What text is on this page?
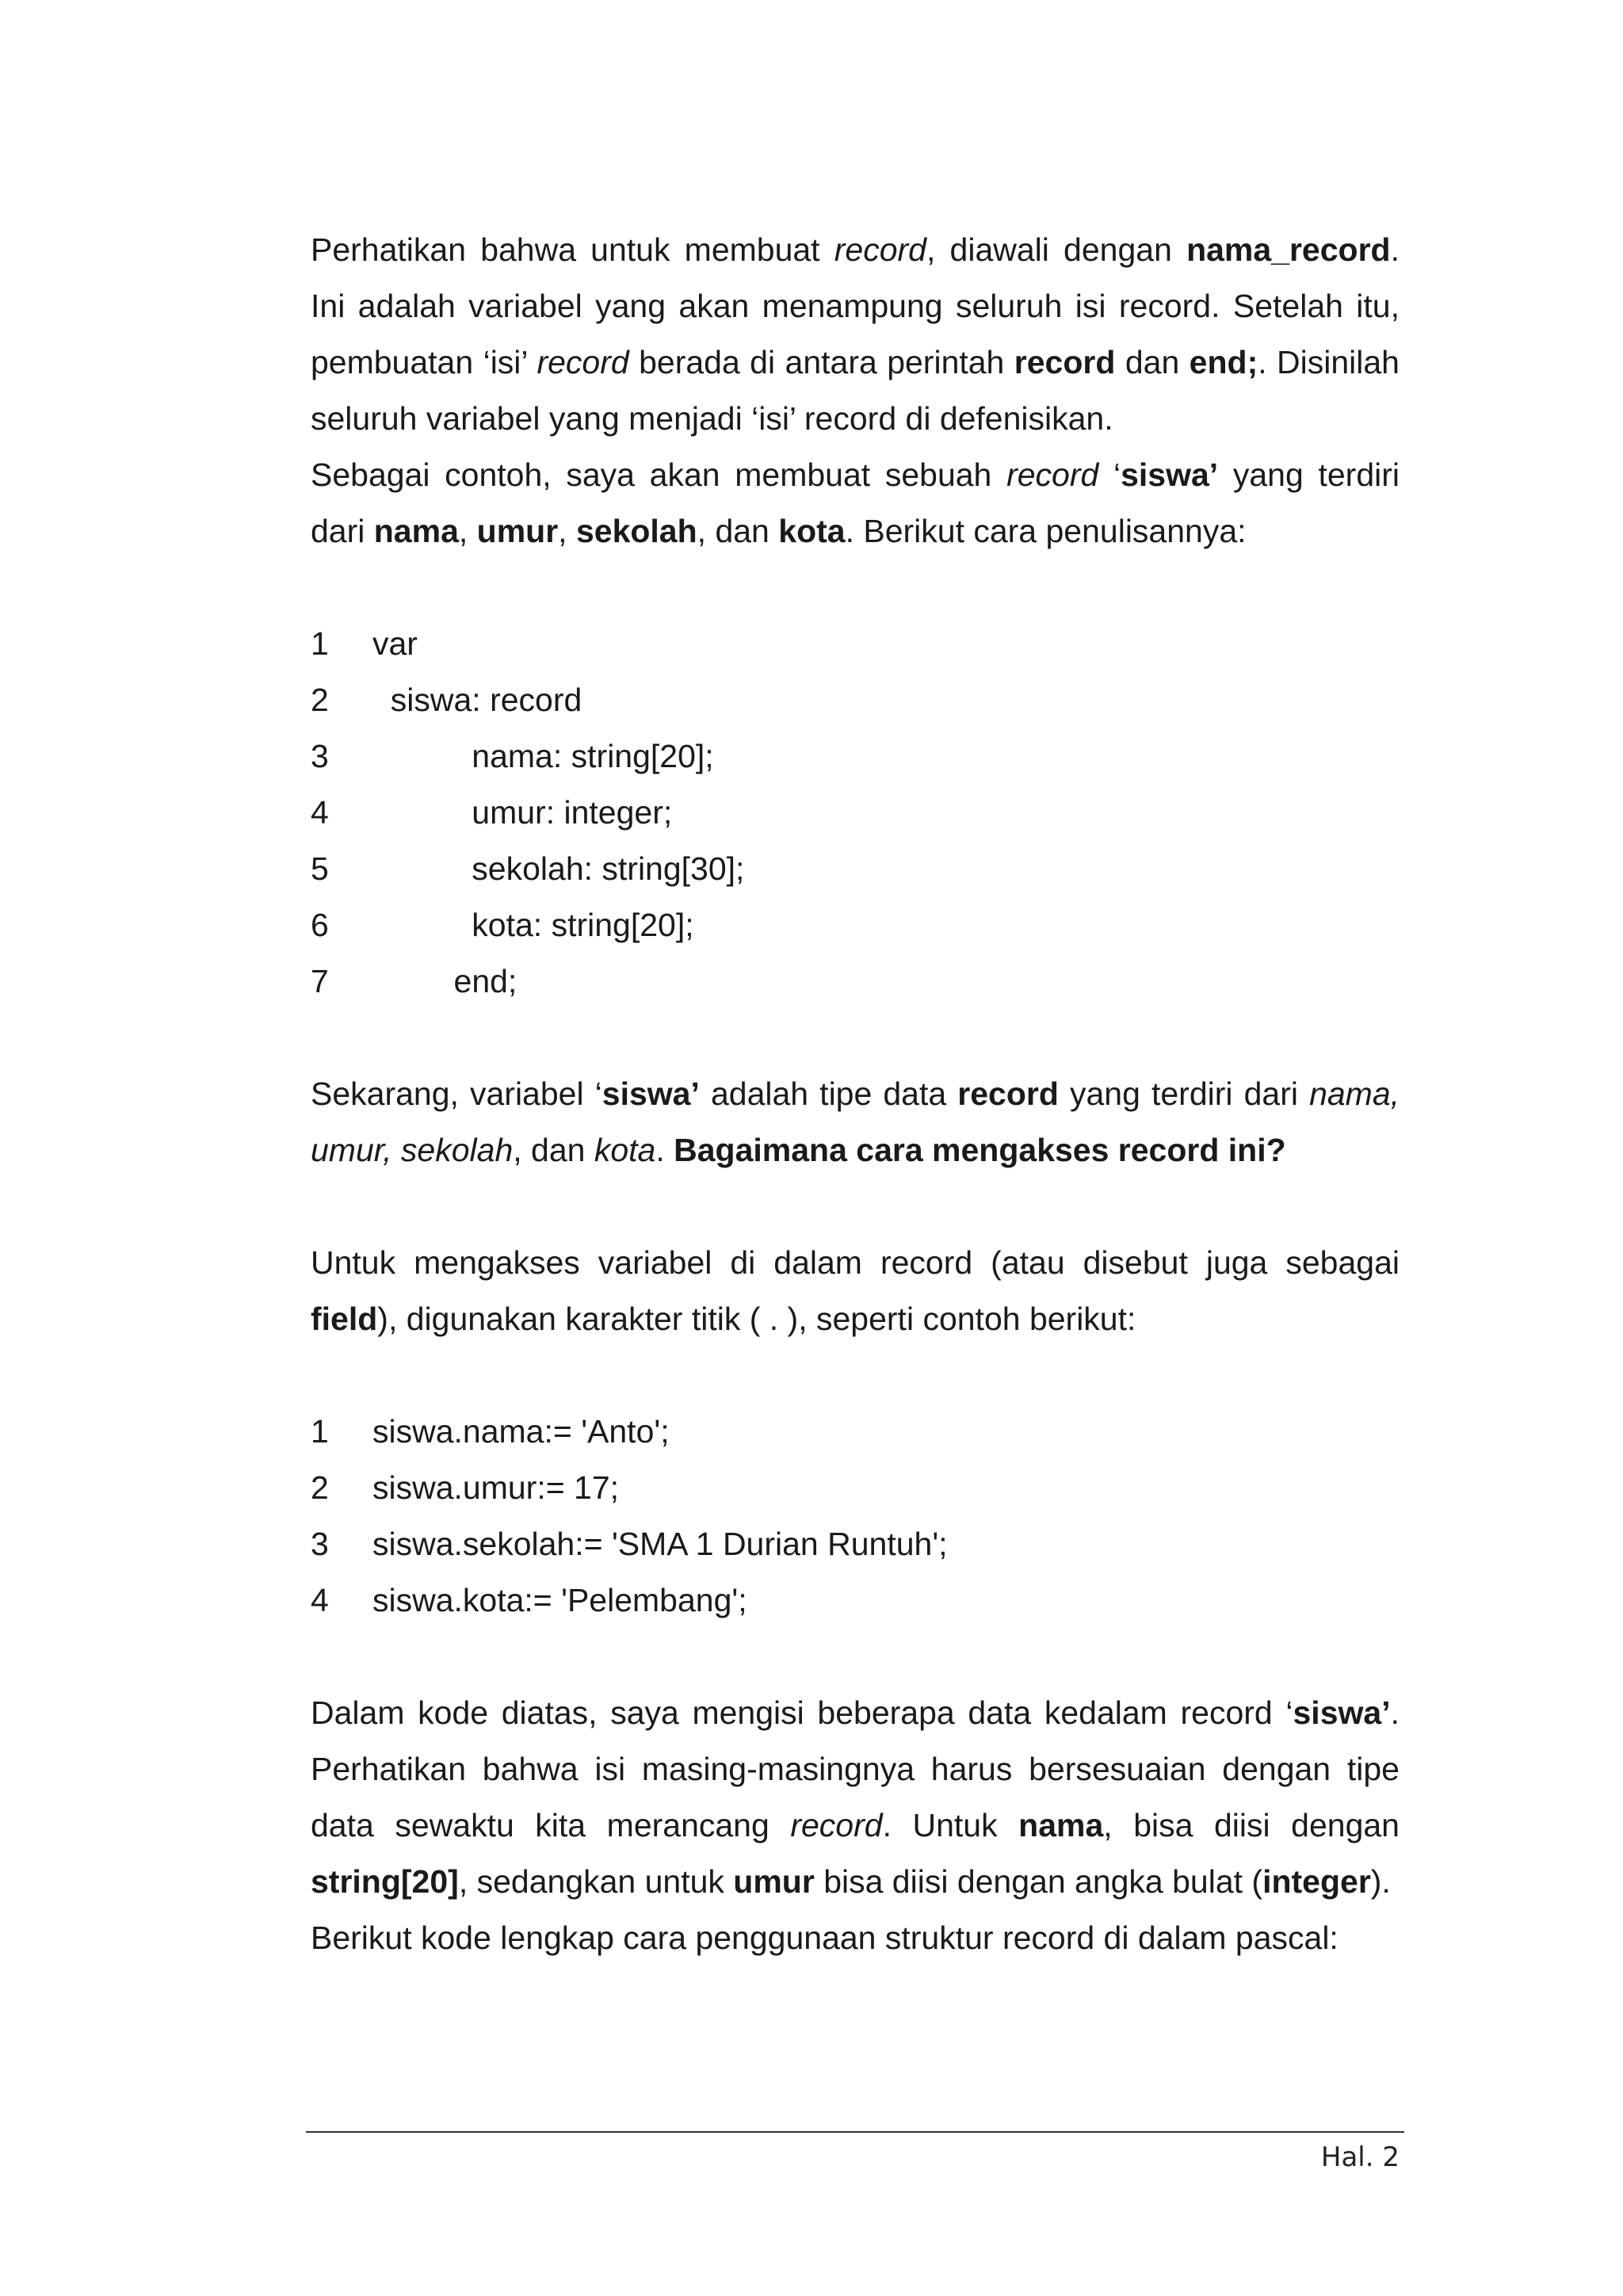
Perhatikan bahwa untuk membuat record, diawali dengan nama_record. Ini adalah variabel yang akan menampung seluruh isi record. Setelah itu, pembuatan ‘isi’ record berada di antara perintah record dan end;. Disinilah seluruh variabel yang menjadi ‘isi’ record di defenisikan.

Sebagai contoh, saya akan membuat sebuah record ‘siswa’ yang terdiri dari nama, umur, sekolah, dan kota. Berikut cara penulisannya:

1	var
2	siswa: record
3	nama: string[20];
4	umur: integer;
5	sekolah: string[30];
6	kota: string[20];
7	end;

Sekarang, variabel ‘siswa’ adalah tipe data record yang terdiri dari nama, umur, sekolah, dan kota. Bagaimana cara mengakses record ini?

Untuk mengakses variabel di dalam record (atau disebut juga sebagai field), digunakan karakter titik ( . ), seperti contoh berikut:

1	siswa.nama:= 'Anto';
2	siswa.umur:= 17;
3	siswa.sekolah:= 'SMA 1 Durian Runtuh';
4	siswa.kota:= 'Pelembang';

Dalam kode diatas, saya mengisi beberapa data kedalam record ‘siswa’. Perhatikan bahwa isi masing-masingnya harus bersesuaian dengan tipe data sewaktu kita merancang record. Untuk nama, bisa diisi dengan string[20], sedangkan untuk umur bisa diisi dengan angka bulat (integer).

Berikut kode lengkap cara penggunaan struktur record di dalam pascal:

Hal. 2
